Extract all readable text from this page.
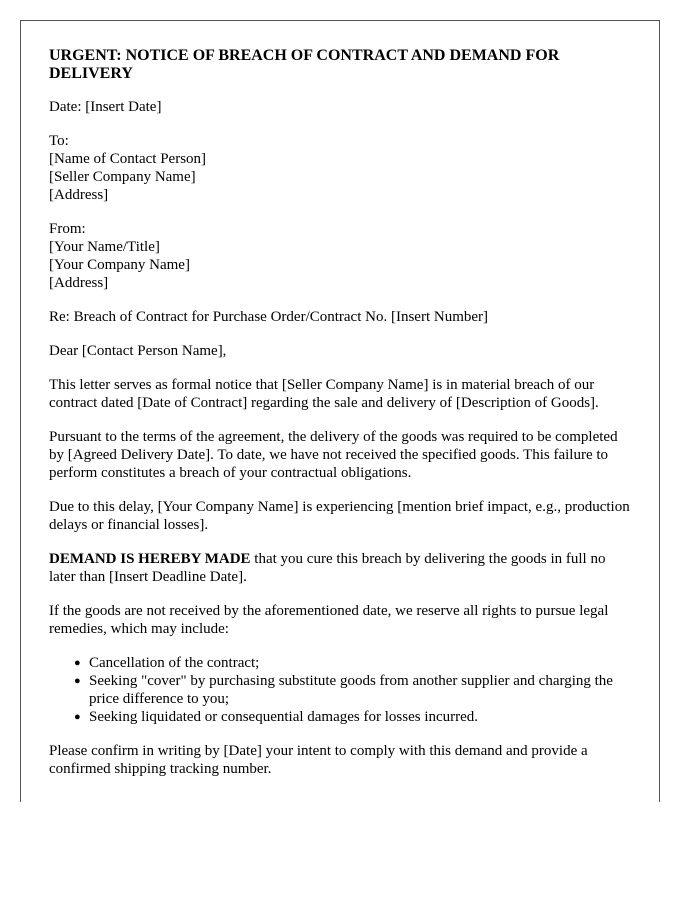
URGENT: NOTICE OF BREACH OF CONTRACT AND DEMAND FOR DELIVERY
Date: [Insert Date]
To:
[Name of Contact Person]
[Seller Company Name]
[Address]
From:
[Your Name/Title]
[Your Company Name]
[Address]
Re: Breach of Contract for Purchase Order/Contract No. [Insert Number]
Dear [Contact Person Name],
This letter serves as formal notice that [Seller Company Name] is in material breach of our contract dated [Date of Contract] regarding the sale and delivery of [Description of Goods].
Pursuant to the terms of the agreement, the delivery of the goods was required to be completed by [Agreed Delivery Date]. To date, we have not received the specified goods. This failure to perform constitutes a breach of your contractual obligations.
Due to this delay, [Your Company Name] is experiencing [mention brief impact, e.g., production delays or financial losses].
DEMAND IS HEREBY MADE that you cure this breach by delivering the goods in full no later than [Insert Deadline Date].
If the goods are not received by the aforementioned date, we reserve all rights to pursue legal remedies, which may include:
● Cancellation of the contract;
● Seeking "cover" by purchasing substitute goods from another supplier and charging the price difference to you;
● Seeking liquidated or consequential damages for losses incurred.
Please confirm in writing by [Date] your intent to comply with this demand and provide a confirmed shipping tracking number.
